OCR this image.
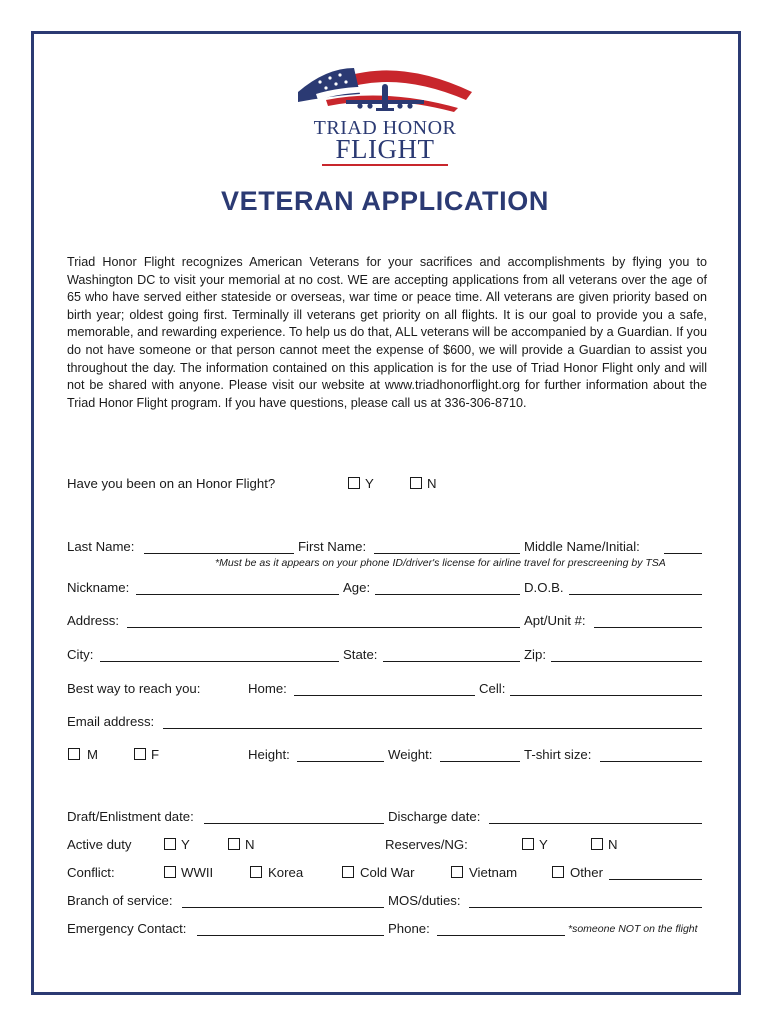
TRIAD HONOR
FLIGHT
VETERAN APPLICATION
Triad Honor Flight recognizes American Veterans for your sacrifices and accomplishments by flying you to Washington DC to visit your memorial at no cost. WE are accepting applications from all veterans over the age of 65 who have served either stateside or overseas, war time or peace time. All veterans are given priority based on birth year; oldest going first. Terminally ill veterans get priority on all flights. It is our goal to provide you a safe, memorable, and rewarding experience. To help us do that, ALL veterans will be accompanied by a Guardian. If you do not have someone or that person cannot meet the expense of $600, we will provide a Guardian to assist you throughout the day. The information contained on this application is for the use of Triad Honor Flight only and will not be shared with anyone. Please visit our website at www.triadhonorflight.org for further information about the Triad Honor Flight program. If you have questions, please call us at 336-306-8710.
Have you been on an Honor Flight?	Y	N
Last Name:	First Name:	Middle Name/Initial:
*Must be as it appears on your phone ID/driver's license for airline travel for prescreening by TSA
Nickname:	Age:	D.O.B.
Address:	Apt/Unit #:
City:	State:	Zip:
Best way to reach you:	Home:	Cell:
Email address:
M	F	Height:	Weight:	T-shirt size:
Draft/Enlistment date:	Discharge date:
Active duty	Y	N	Reserves/NG:	Y	N
Conflict:	WWII	Korea	Cold War	Vietnam	Other
Branch of service:	MOS/duties:
Emergency Contact:	Phone:	*someone NOT on the flight
